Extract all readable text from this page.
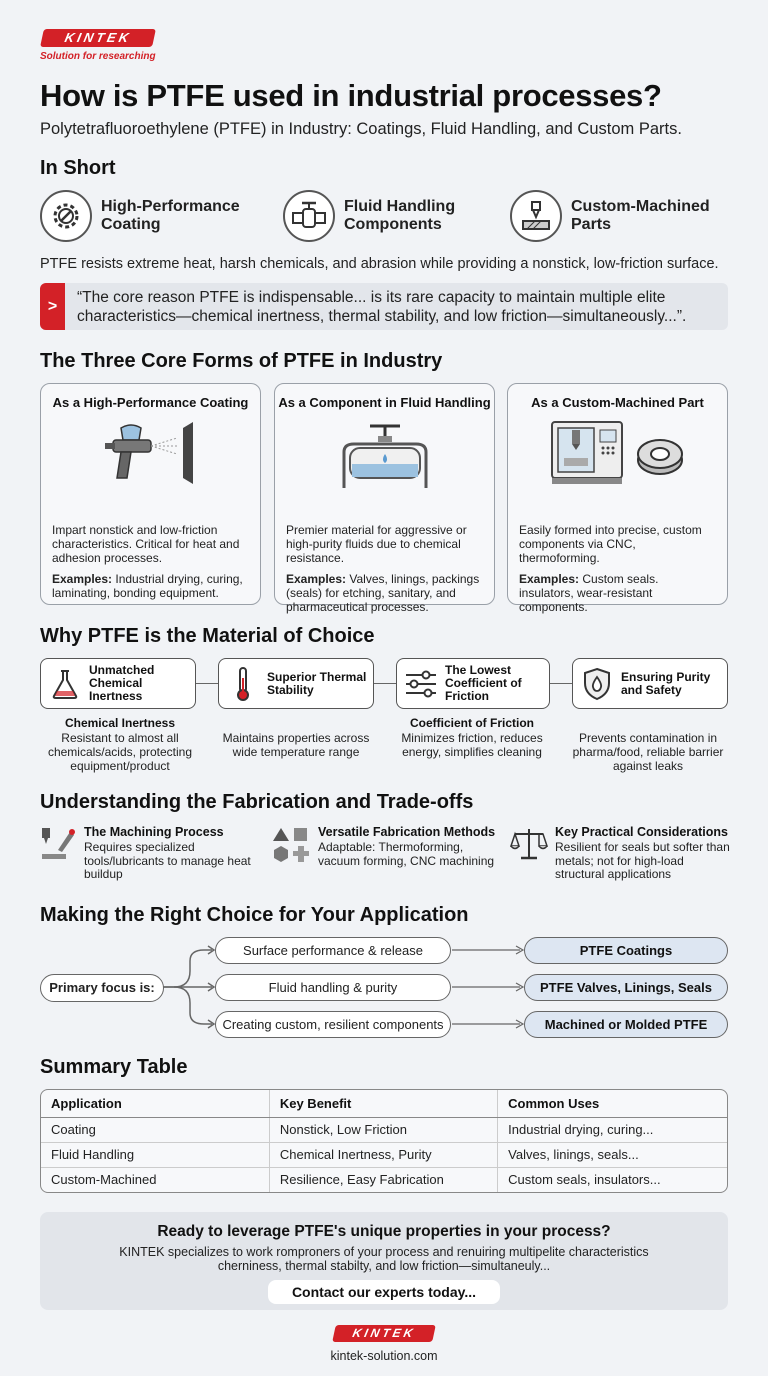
KINTEK
Solution for researching
How is PTFE used in industrial processes?
Polytetrafluoroethylene (PTFE) in Industry: Coatings, Fluid Handling, and Custom Parts.
In Short
High-Performance Coating
Fluid Handling Components
Custom-Machined Parts
PTFE resists extreme heat, harsh chemicals, and abrasion while providing a nonstick, low-friction surface.
>	“The core reason PTFE is indispensable... is its rare capacity to maintain multiple elite characteristics—chemical inertness, thermal stability, and low friction—simultaneously...”.
The Three Core Forms of PTFE in Industry
As a High-Performance Coating
Impart nonstick and low-friction characteristics. Critical for heat and adhesion processes.
Examples: Industrial drying, curing, laminating, bonding equipment.
As a Component in Fluid Handling
Premier material for aggressive or high-purity fluids due to chemical resistance.
Examples: Valves, linings, packings (seals) for etching, sanitary, and pharmaceutical processes.
As a Custom-Machined Part
Easily formed into precise, custom components via CNC, thermoforming.
Examples: Custom seals. insulators, wear-resistant components.
Why PTFE is the Material of Choice
Unmatched Chemical Inertness
Superior Thermal Stability
The Lowest Coefficient of Friction
Ensuring Purity and Safety
Chemical Inertness
Resistant to almost all chemicals/acids, protecting equipment/product
Maintains properties across wide temperature range
Coefficient of Friction
Minimizes friction, reduces energy, simplifies cleaning
Prevents contamination in pharma/food, reliable barrier against leaks
Understanding the Fabrication and Trade-offs
The Machining Process
Requires specialized tools/lubricants to manage heat buildup
Versatile Fabrication Methods
Adaptable: Thermoforming, vacuum forming, CNC machining
Key Practical Considerations
Resilient for seals but softer than metals; not for high-load structural applications
Making the Right Choice for Your Application
Primary focus is:
Surface performance & release
Fluid handling & purity
Creating custom, resilient components
PTFE Coatings
PTFE Valves, Linings, Seals
Machined or Molded PTFE
Summary Table
Application	Key Benefit	Common Uses
Coating	Nonstick, Low Friction	Industrial drying, curing...
Fluid Handling	Chemical Inertness, Purity	Valves, linings, seals...
Custom-Machined	Resilience, Easy Fabrication	Custom seals, insulators...
Ready to leverage PTFE's unique properties in your process?
KINTEK specializes to work romproners of your process and renuiring multipelite characteristics cherniness, thermal stabilty, and low friction—simultaneuly...
Contact our experts today...
KINTEK
kintek-solution.com
